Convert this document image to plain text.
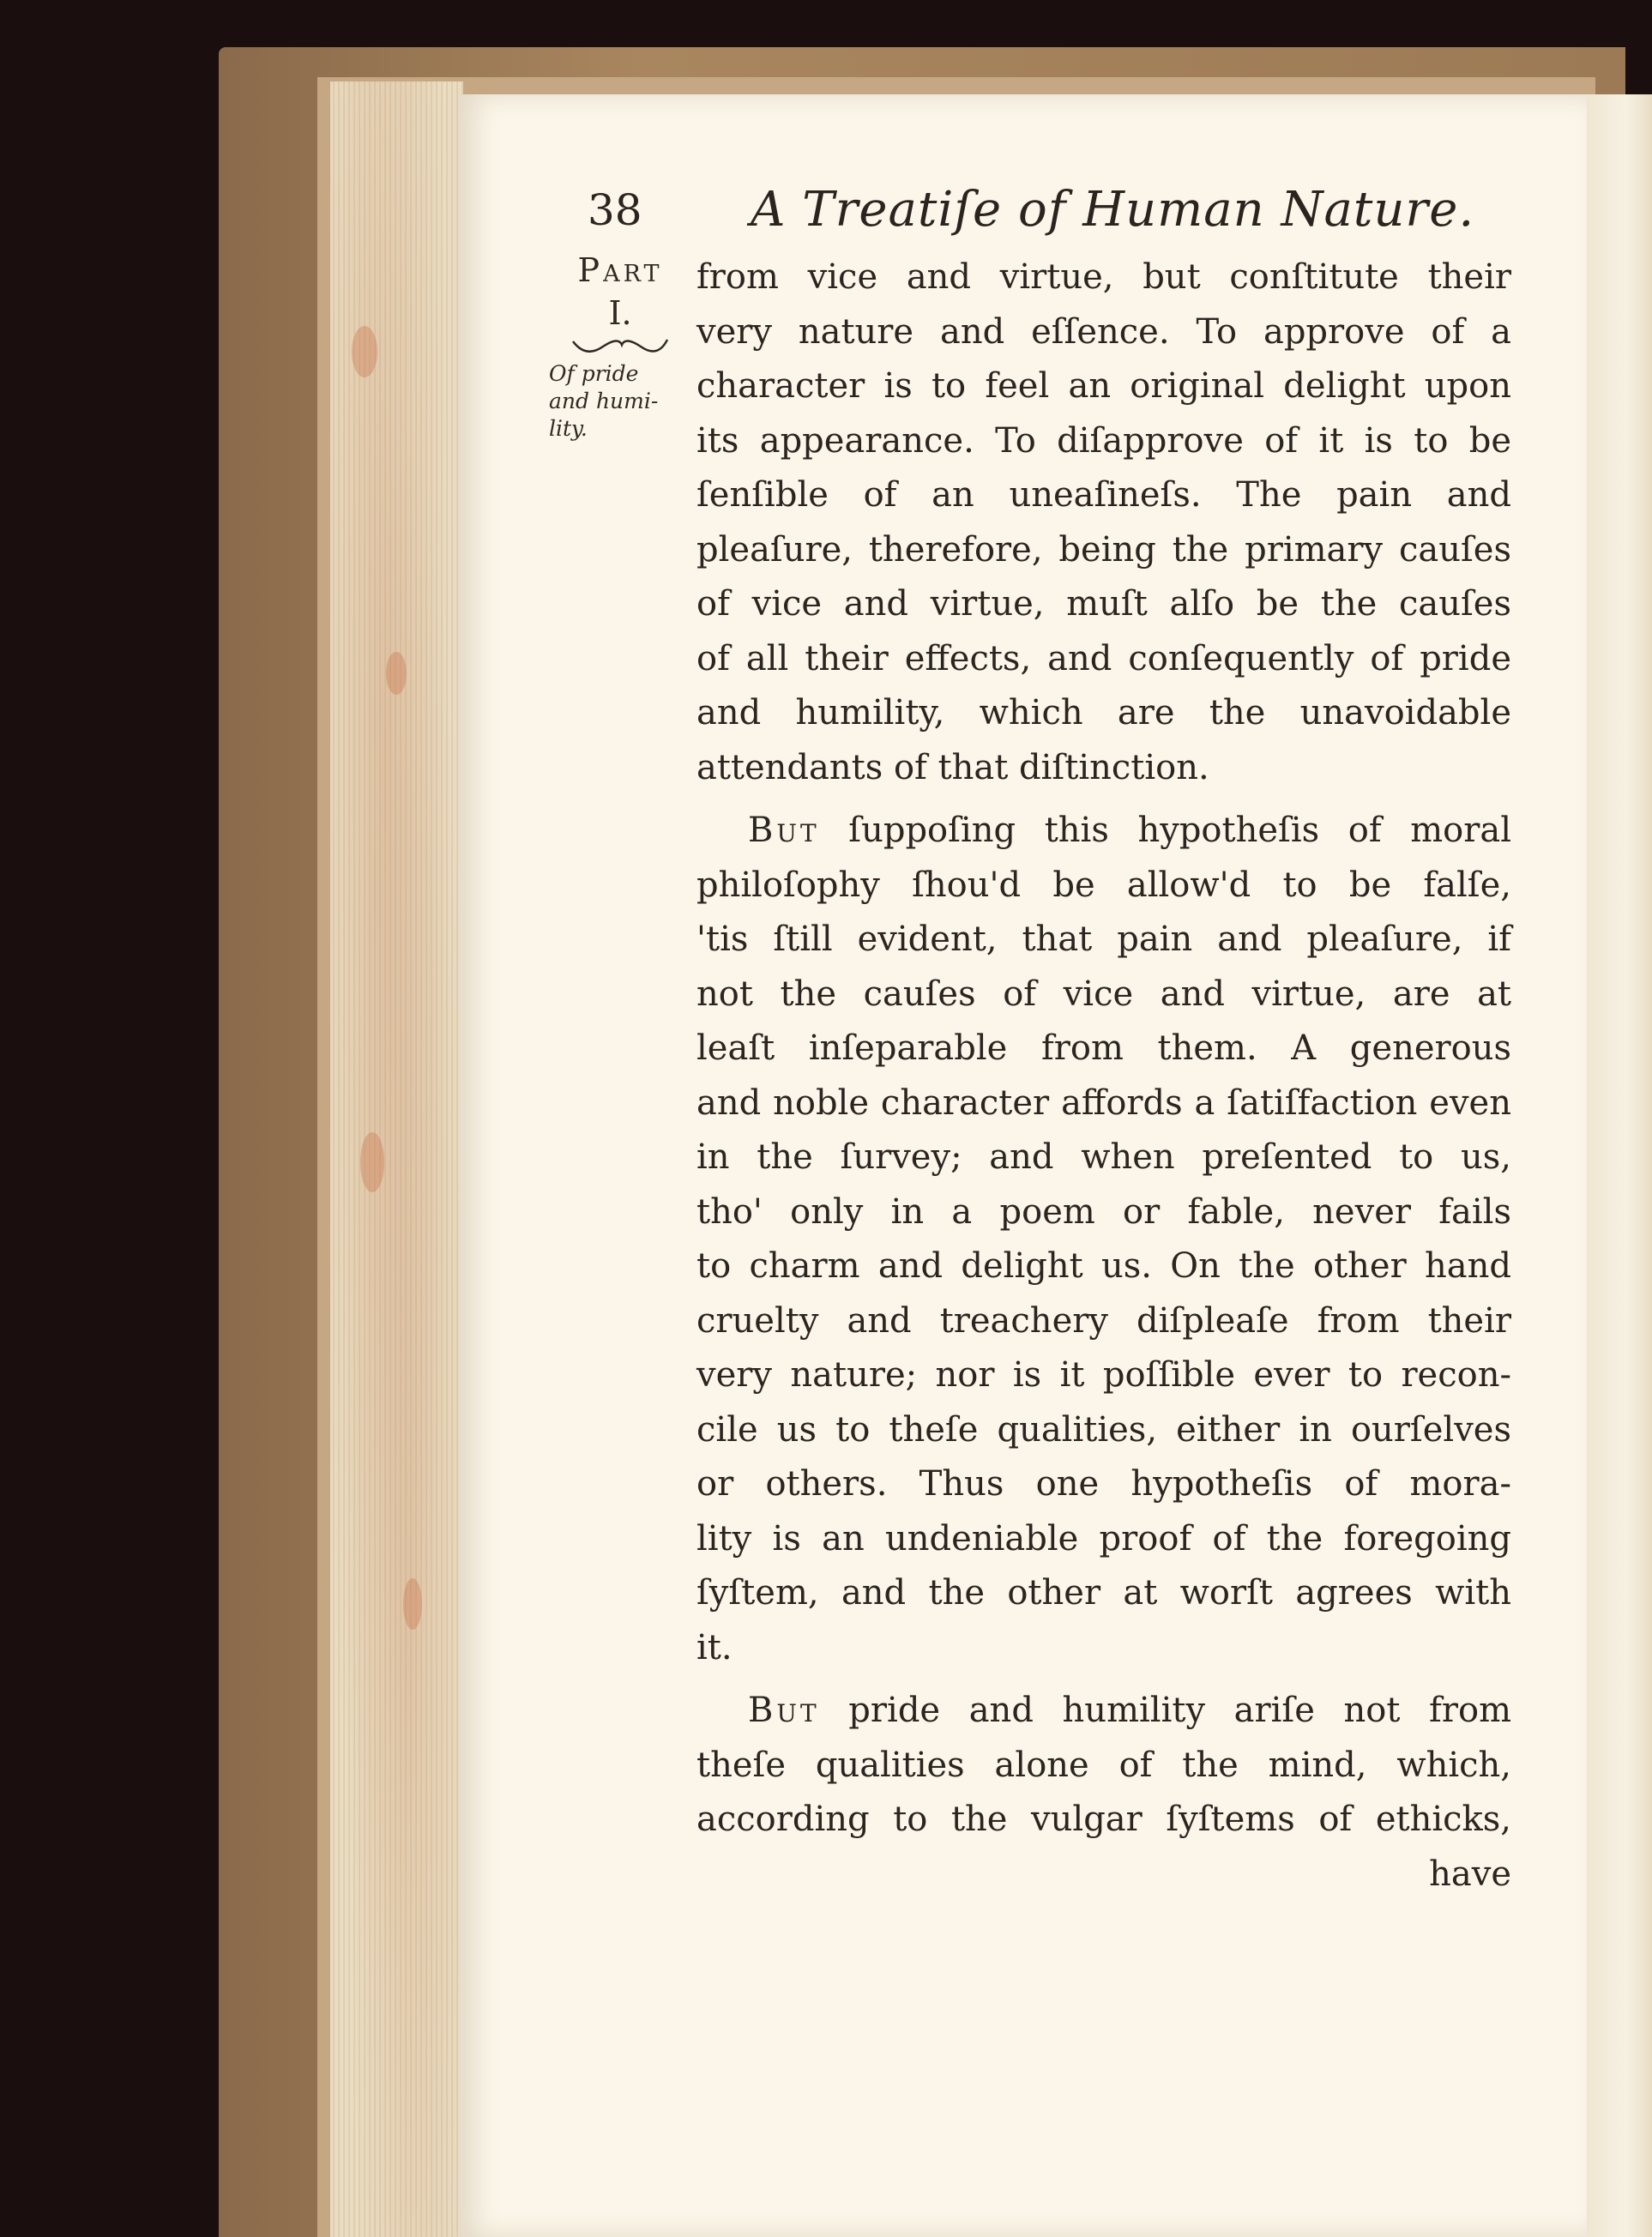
38 A Treatiſe of Human Nature.
Part
I.
Of pride
and humi-
lity.
from vice and virtue, but conſtitute their
very nature and eſſence. To approve of a
character is to feel an original delight upon
its appearance. To diſapprove of it is to be
ſenſible of an uneaſineſs. The pain and
pleaſure, therefore, being the primary cauſes
of vice and virtue, muſt alſo be the cauſes
of all their effects, and conſequently of pride
and humility, which are the unavoidable
attendants of that diſtinction.
But ſuppoſing this hypotheſis of moral
philoſophy ſhou'd be allow'd to be falſe,
'tis ſtill evident, that pain and pleaſure, if
not the cauſes of vice and virtue, are at
leaſt inſeparable from them. A generous
and noble character affords a ſatiſfaction even
in the ſurvey; and when preſented to us,
tho' only in a poem or fable, never fails
to charm and delight us. On the other hand
cruelty and treachery diſpleaſe from their
very nature; nor is it poſſible ever to recon-
cile us to theſe qualities, either in ourſelves
or others. Thus one hypotheſis of mora-
lity is an undeniable proof of the foregoing
ſyſtem, and the other at worſt agrees with
it.
But pride and humility ariſe not from
theſe qualities alone of the mind, which,
according to the vulgar ſyſtems of ethicks,
have
